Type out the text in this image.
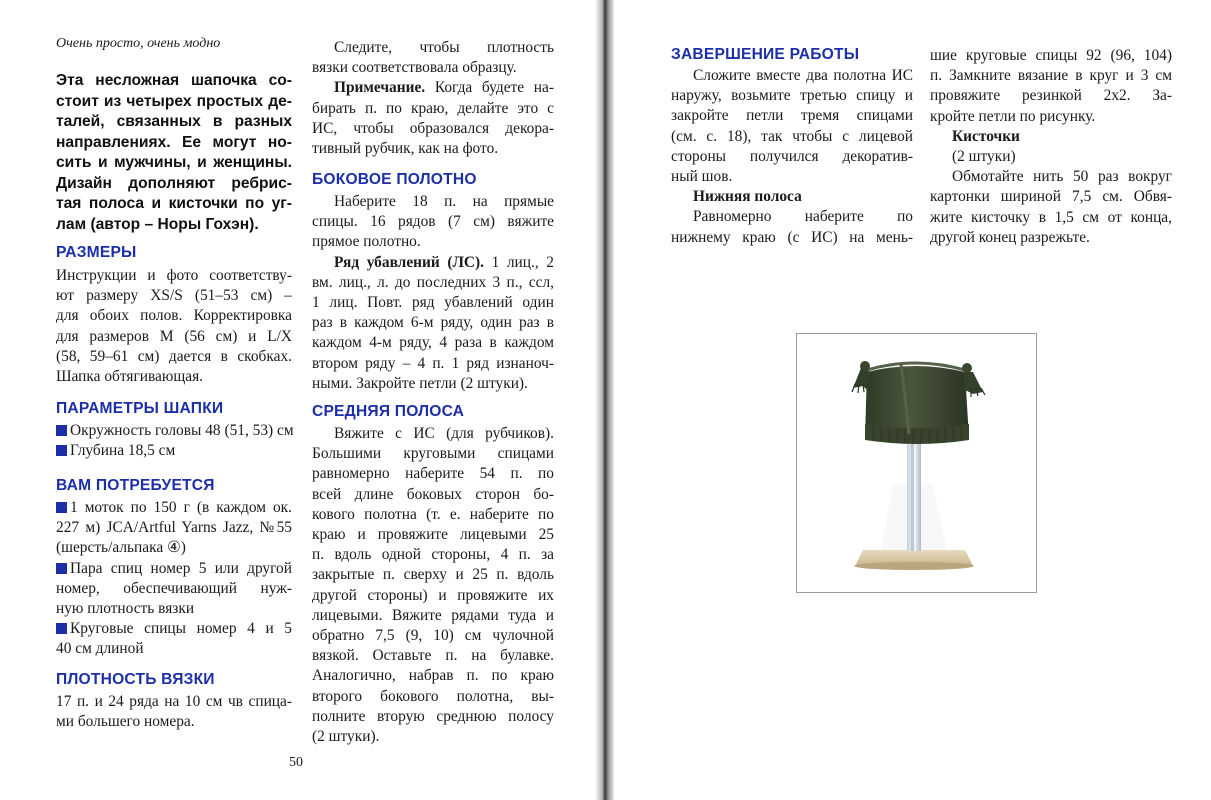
Очень просто, очень модно

Эта несложная шапочка со-
стоит из четырех простых де-
талей, связанных в разных
направлениях. Ее могут но-
сить и мужчины, и женщины.
Дизайн дополняют ребрис-
тая полоса и кисточки по уг-
лам (автор – Норы Гохэн).
РАЗМЕРЫ
Инструкции и фото соответству-
ют размеру XS/S (51–53 см) –
для обоих полов. Корректировка
для размеров M (56 см) и L/X
(58, 59–61 см) дается в скобках.
Шапка обтягивающая.
ПАРАМЕТРЫ ШАПКИ
Окружность головы 48 (51, 53) см
Глубина 18,5 см
ВАМ ПОТРЕБУЕТСЯ
1 моток по 150 г (в каждом ок.
227 м) JCA/Artful Yarns Jazz, №55
(шерсть/альпака ④)
Пара спиц номер 5 или другой
номер, обеспечивающий нуж-
ную плотность вязки
Круговые спицы номер 4 и 5
40 см длиной
ПЛОТНОСТЬ ВЯЗКИ
17 п. и 24 ряда на 10 см чв спица-
ми большего номера.
Следите, чтобы плотность
вязки соответствовала образцу.
Примечание. Когда будете на-
бирать п. по краю, делайте это с
ИС, чтобы образовался декора-
тивный рубчик, как на фото.
БОКОВОЕ ПОЛОТНО
Наберите 18 п. на прямые
спицы. 16 рядов (7 см) вяжите
прямое полотно.
Ряд убавлений (ЛС). 1 лиц., 2
вм. лиц., л. до последних 3 п., ссл,
1 лиц. Повт. ряд убавлений один
раз в каждом 6-м ряду, один раз в
каждом 4-м ряду, 4 раза в каждом
втором ряду – 4 п. 1 ряд изнаноч-
ными. Закройте петли (2 штуки).
СРЕДНЯЯ ПОЛОСА
Вяжите с ИС (для рубчиков).
Большими круговыми спицами
равномерно наберите 54 п. по
всей длине боковых сторон бо-
кового полотна (т. е. наберите по
краю и провяжите лицевыми 25
п. вдоль одной стороны, 4 п. за
закрытые п. сверху и 25 п. вдоль
другой стороны) и провяжите их
лицевыми. Вяжите рядами туда и
обратно 7,5 (9, 10) см чулочной
вязкой. Оставьте п. на булавке.
Аналогично, набрав п. по краю
второго бокового полотна, вы-
полните вторую среднюю полосу
(2 штуки).

50

ЗАВЕРШЕНИЕ РАБОТЫ
Сложите вместе два полотна ИС
наружу, возьмите третью спицу и
закройте петли тремя спицами
(см. с. 18), так чтобы с лицевой
стороны получился декоратив-
ный шов.
Нижняя полоса
Равномерно наберите по
нижнему краю (с ИС) на мень-
шие круговые спицы 92 (96, 104)
п. Замкните вязание в круг и 3 см
провяжите резинкой 2x2. За-
кройте петли по рисунку.
Кисточки
(2 штуки)
Обмотайте нить 50 раз вокруг
картонки шириной 7,5 см. Обвя-
жите кисточку в 1,5 см от конца,
другой конец разрежьте.
